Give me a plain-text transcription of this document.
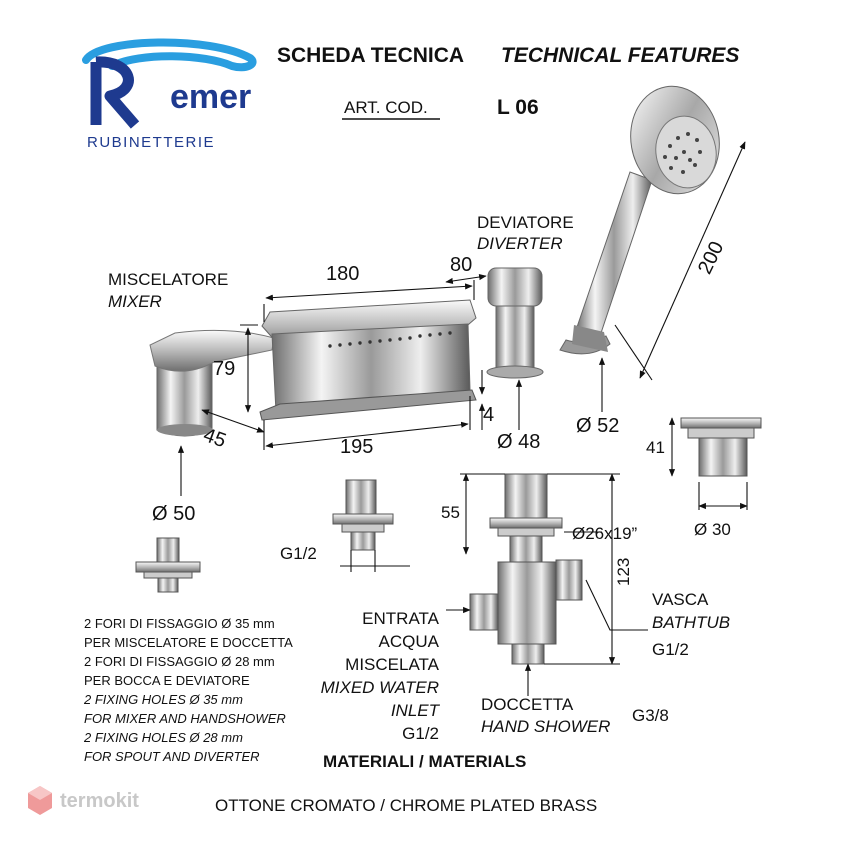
emer
RUBINETTERIE
SCHEDA TECNICA TECHNICAL FEATURES
ART. COD.	L 06
MISCELATORE
MIXER
DEVIATORE
DIVERTER
180	80	200
79
45	195
4
Ø 48
Ø 52
Ø 50
41
Ø 30
G1/2
55
Ø26x19”
123
ENTRATA
ACQUA
MISCELATA
MIXED WATER
INLET
G1/2
VASCA
BATHTUB
G1/2
DOCCETTA
HAND SHOWER
G3/8
2 FORI DI FISSAGGIO Ø 35 mm
PER MISCELATORE E DOCCETTA
2 FORI DI FISSAGGIO Ø 28 mm
PER BOCCA E DEVIATORE
2 FIXING HOLES Ø 35 mm
FOR MIXER AND HANDSHOWER
2 FIXING HOLES Ø 28 mm
FOR SPOUT AND DIVERTER	MATERIALI / MATERIALS
OTTONE CROMATO / CHROME PLATED BRASS
termokit
